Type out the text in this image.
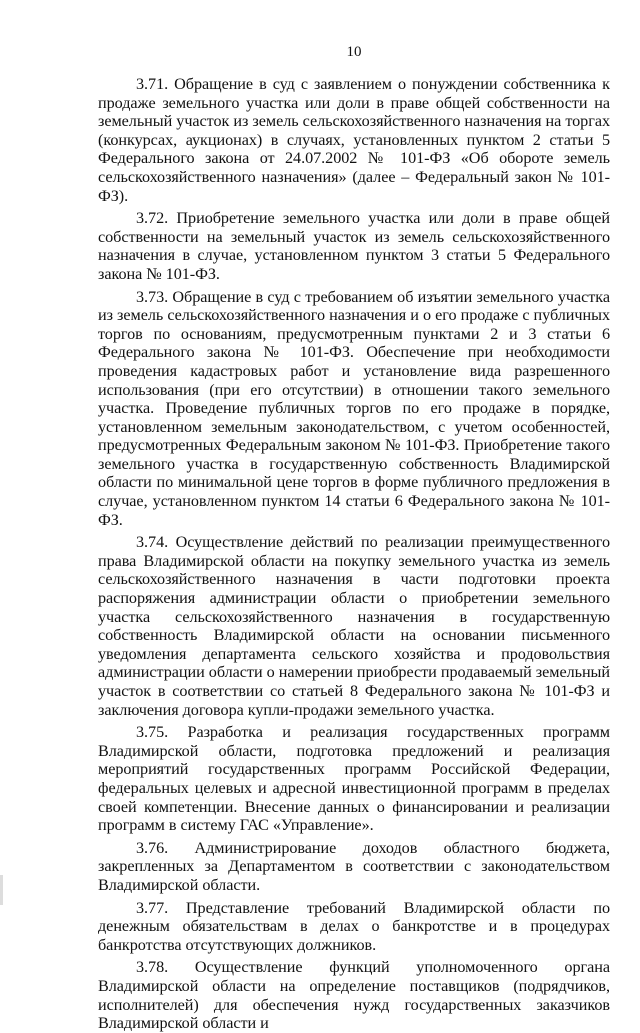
10

3.71. Обращение в суд с заявлением о понуждении собственника к продаже земельного участка или доли в праве общей собственности на земельный участок из земель сельскохозяйственного назначения на торгах (конкурсах, аукционах) в случаях, установленных пунктом 2 статьи 5 Федерального закона от 24.07.2002 № 101-ФЗ «Об обороте земель сельскохозяйственного назначения» (далее – Федеральный закон № 101-ФЗ).

3.72. Приобретение земельного участка или доли в праве общей собственности на земельный участок из земель сельскохозяйственного назначения в случае, установленном пунктом 3 статьи 5 Федерального закона № 101-ФЗ.

3.73. Обращение в суд с требованием об изъятии земельного участка из земель сельскохозяйственного назначения и о его продаже с публичных торгов по основаниям, предусмотренным пунктами 2 и 3 статьи 6 Федерального закона № 101-ФЗ. Обеспечение при необходимости проведения кадастровых работ и установление вида разрешенного использования (при его отсутствии) в отношении такого земельного участка. Проведение публичных торгов по его продаже в порядке, установленном земельным законодательством, с учетом особенностей, предусмотренных Федеральным законом № 101-ФЗ. Приобретение такого земельного участка в государственную собственность Владимирской области по минимальной цене торгов в форме публичного предложения в случае, установленном пунктом 14 статьи 6 Федерального закона № 101-ФЗ.

3.74. Осуществление действий по реализации преимущественного права Владимирской области на покупку земельного участка из земель сельскохозяйственного назначения в части подготовки проекта распоряжения администрации области о приобретении земельного участка сельскохозяйственного назначения в государственную собственность Владимирской области на основании письменного уведомления департамента сельского хозяйства и продовольствия администрации области о намерении приобрести продаваемый земельный участок в соответствии со статьей 8 Федерального закона № 101-ФЗ и заключения договора купли-продажи земельного участка.

3.75. Разработка и реализация государственных программ Владимирской области, подготовка предложений и реализация мероприятий государственных программ Российской Федерации, федеральных целевых и адресной инвестиционной программ в пределах своей компетенции. Внесение данных о финансировании и реализации программ в систему ГАС «Управление».

3.76. Администрирование доходов областного бюджета, закрепленных за Департаментом в соответствии с законодательством Владимирской области.

3.77. Представление требований Владимирской области по денежным обязательствам в делах о банкротстве и в процедурах банкротства отсутствующих должников.

3.78. Осуществление функций уполномоченного органа Владимирской области на определение поставщиков (подрядчиков, исполнителей) для обеспечения нужд государственных заказчиков Владимирской области и
